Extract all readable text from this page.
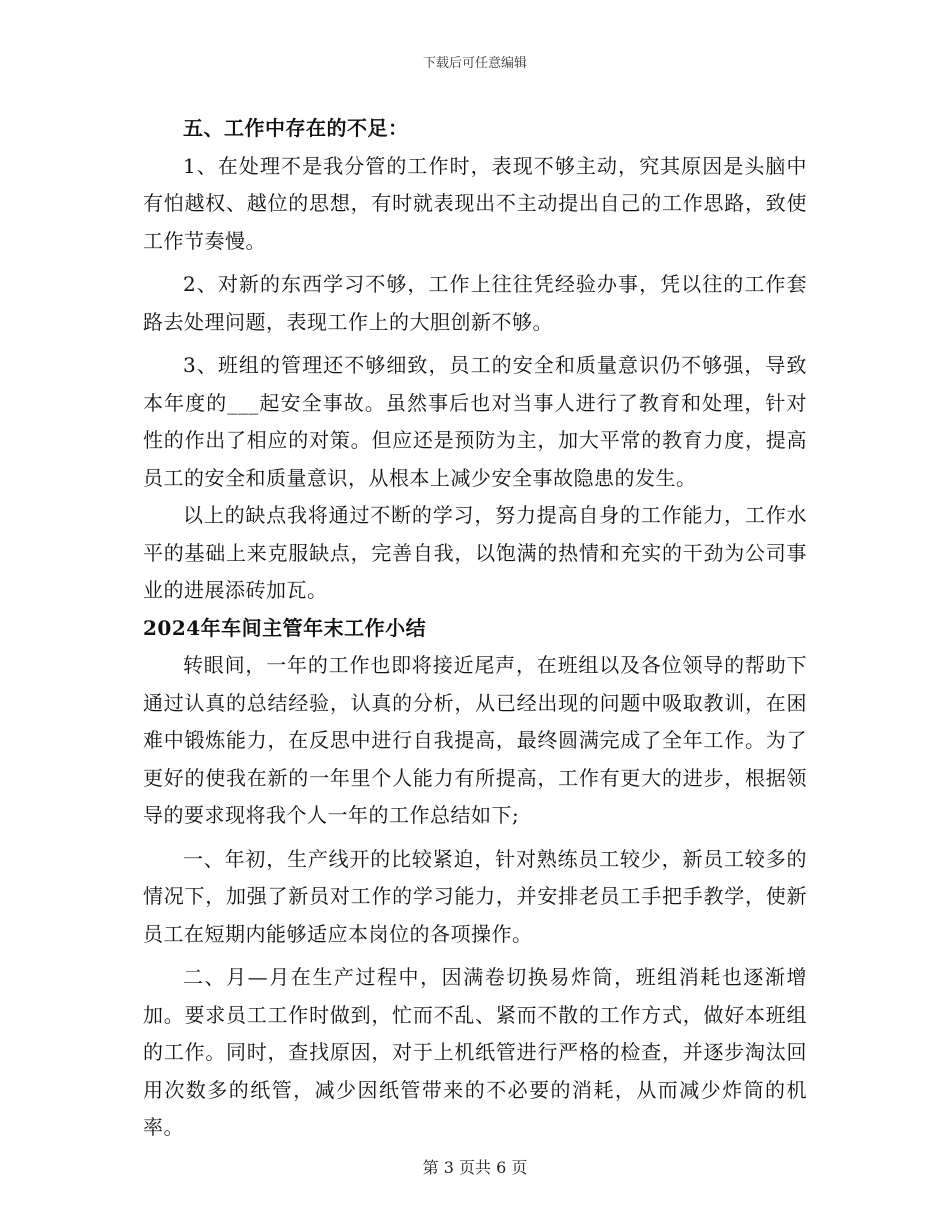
下载后可任意编辑

五、工作中存在的不足：

1、在处理不是我分管的工作时，表现不够主动，究其原因是头脑中有怕越权、越位的思想，有时就表现出不主动提出自己的工作思路，致使工作节奏慢。

2、对新的东西学习不够，工作上往往凭经验办事，凭以往的工作套路去处理问题，表现工作上的大胆创新不够。

3、班组的管理还不够细致，员工的安全和质量意识仍不够强，导致本年度的___起安全事故。虽然事后也对当事人进行了教育和处理，针对性的作出了相应的对策。但应还是预防为主，加大平常的教育力度，提高员工的安全和质量意识，从根本上减少安全事故隐患的发生。

以上的缺点我将通过不断的学习，努力提高自身的工作能力，工作水平的基础上来克服缺点，完善自我，以饱满的热情和充实的干劲为公司事业的进展添砖加瓦。

2024年车间主管年末工作小结

转眼间，一年的工作也即将接近尾声，在班组以及各位领导的帮助下通过认真的总结经验，认真的分析，从已经出现的问题中吸取教训，在困难中锻炼能力，在反思中进行自我提高，最终圆满完成了全年工作。为了更好的使我在新的一年里个人能力有所提高，工作有更大的进步，根据领导的要求现将我个人一年的工作总结如下;

一、年初，生产线开的比较紧迫，针对熟练员工较少，新员工较多的情况下，加强了新员对工作的学习能力，并安排老员工手把手教学，使新员工在短期内能够适应本岗位的各项操作。

二、月—月在生产过程中，因满卷切换易炸筒，班组消耗也逐渐增加。要求员工工作时做到，忙而不乱、紧而不散的工作方式，做好本班组的工作。同时，查找原因，对于上机纸管进行严格的检查，并逐步淘汰回用次数多的纸管，减少因纸管带来的不必要的消耗，从而减少炸筒的机率。

第 3 页共 6 页
